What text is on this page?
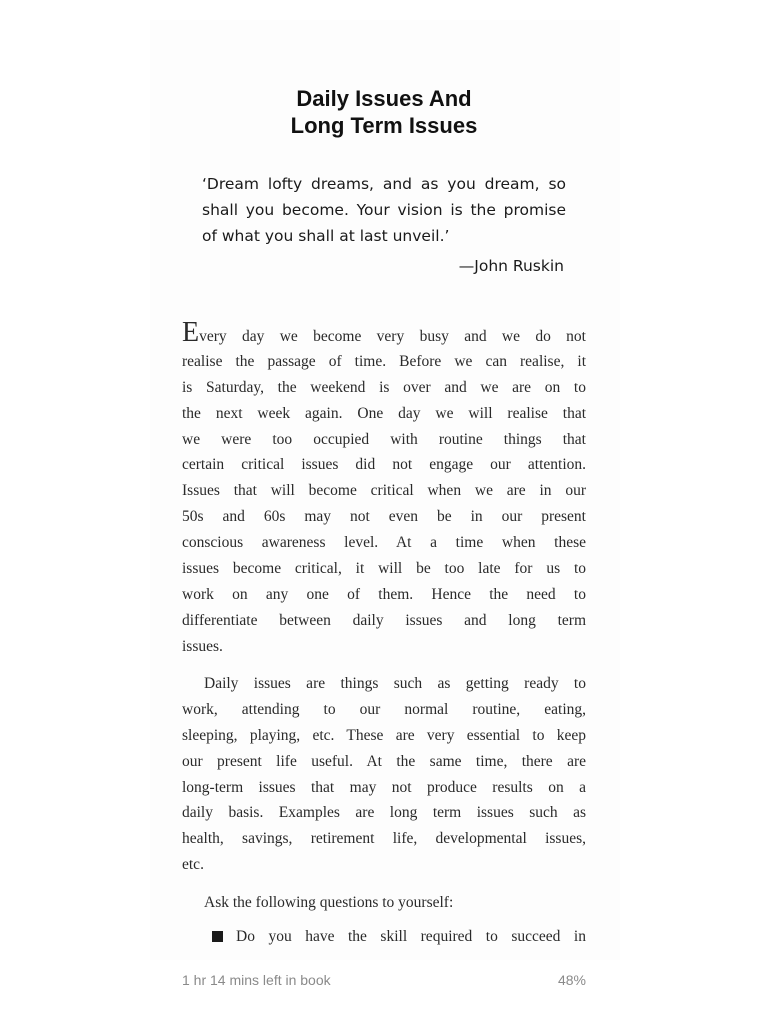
Daily Issues And
Long Term Issues
‘Dream lofty dreams, and as you dream, so
shall you become. Your vision is the promise
of what you shall at last unveil.’

—John Ruskin

Every day we become very busy and we do not
realise the passage of time. Before we can realise, it
is Saturday, the weekend is over and we are on to
the next week again. One day we will realise that
we were too occupied with routine things that
certain critical issues did not engage our attention.
Issues that will become critical when we are in our
50s and 60s may not even be in our present
conscious awareness level. At a time when these
issues become critical, it will be too late for us to
work on any one of them. Hence the need to
differentiate between daily issues and long term
issues.
Daily issues are things such as getting ready to
work, attending to our normal routine, eating,
sleeping, playing, etc. These are very essential to keep
our present life useful. At the same time, there are
long-term issues that may not produce results on a
daily basis. Examples are long term issues such as
health, savings, retirement life, developmental issues,
etc.
Ask the following questions to yourself:
Do you have the skill required to succeed in

1 hr 14 mins left in book	48%
